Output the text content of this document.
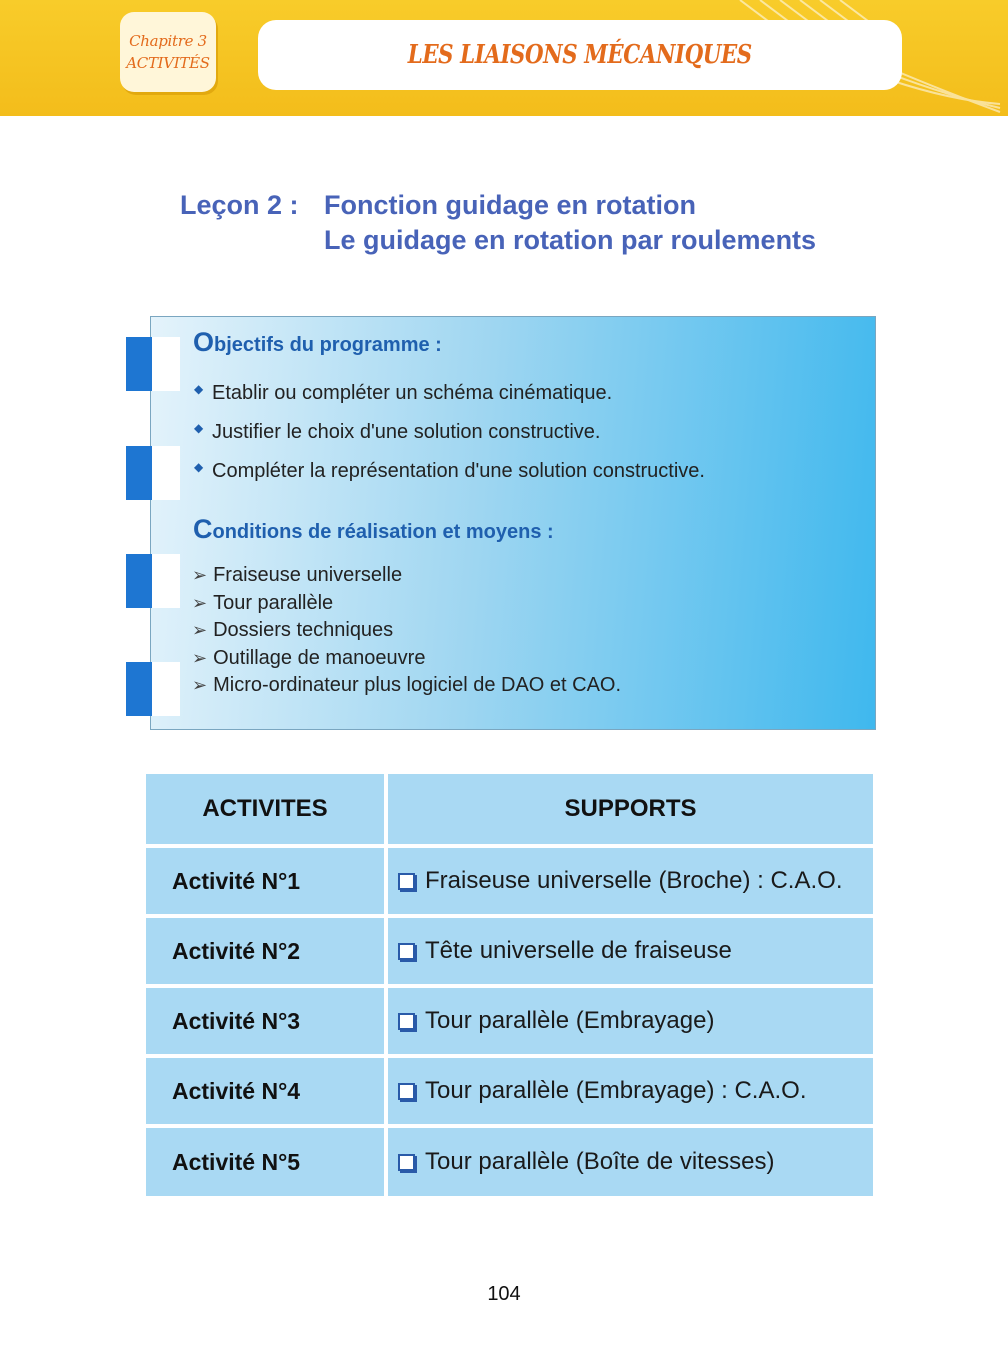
Chapitre 3
ACTIVITÉS	LES LIAISONS MÉCANIQUES
Leçon 2 : Fonction guidage en rotation
Le guidage en rotation par roulements
Objectifs du programme :
◆ Etablir ou compléter un schéma cinématique.
◆ Justifier le choix d'une solution constructive.
◆ Compléter la représentation d'une solution constructive.
Conditions de réalisation et moyens :
➢ Fraiseuse universelle
➢ Tour parallèle
➢ Dossiers techniques
➢ Outillage de manoeuvre
➢ Micro-ordinateur plus logiciel de DAO et CAO.
ACTIVITES	SUPPORTS
Activité N°1	Fraiseuse universelle (Broche) : C.A.O.
Activité N°2	Tête universelle de fraiseuse
Activité N°3	Tour parallèle (Embrayage)
Activité N°4	Tour parallèle (Embrayage) : C.A.O.
Activité N°5	Tour parallèle (Boîte de vitesses)
104
